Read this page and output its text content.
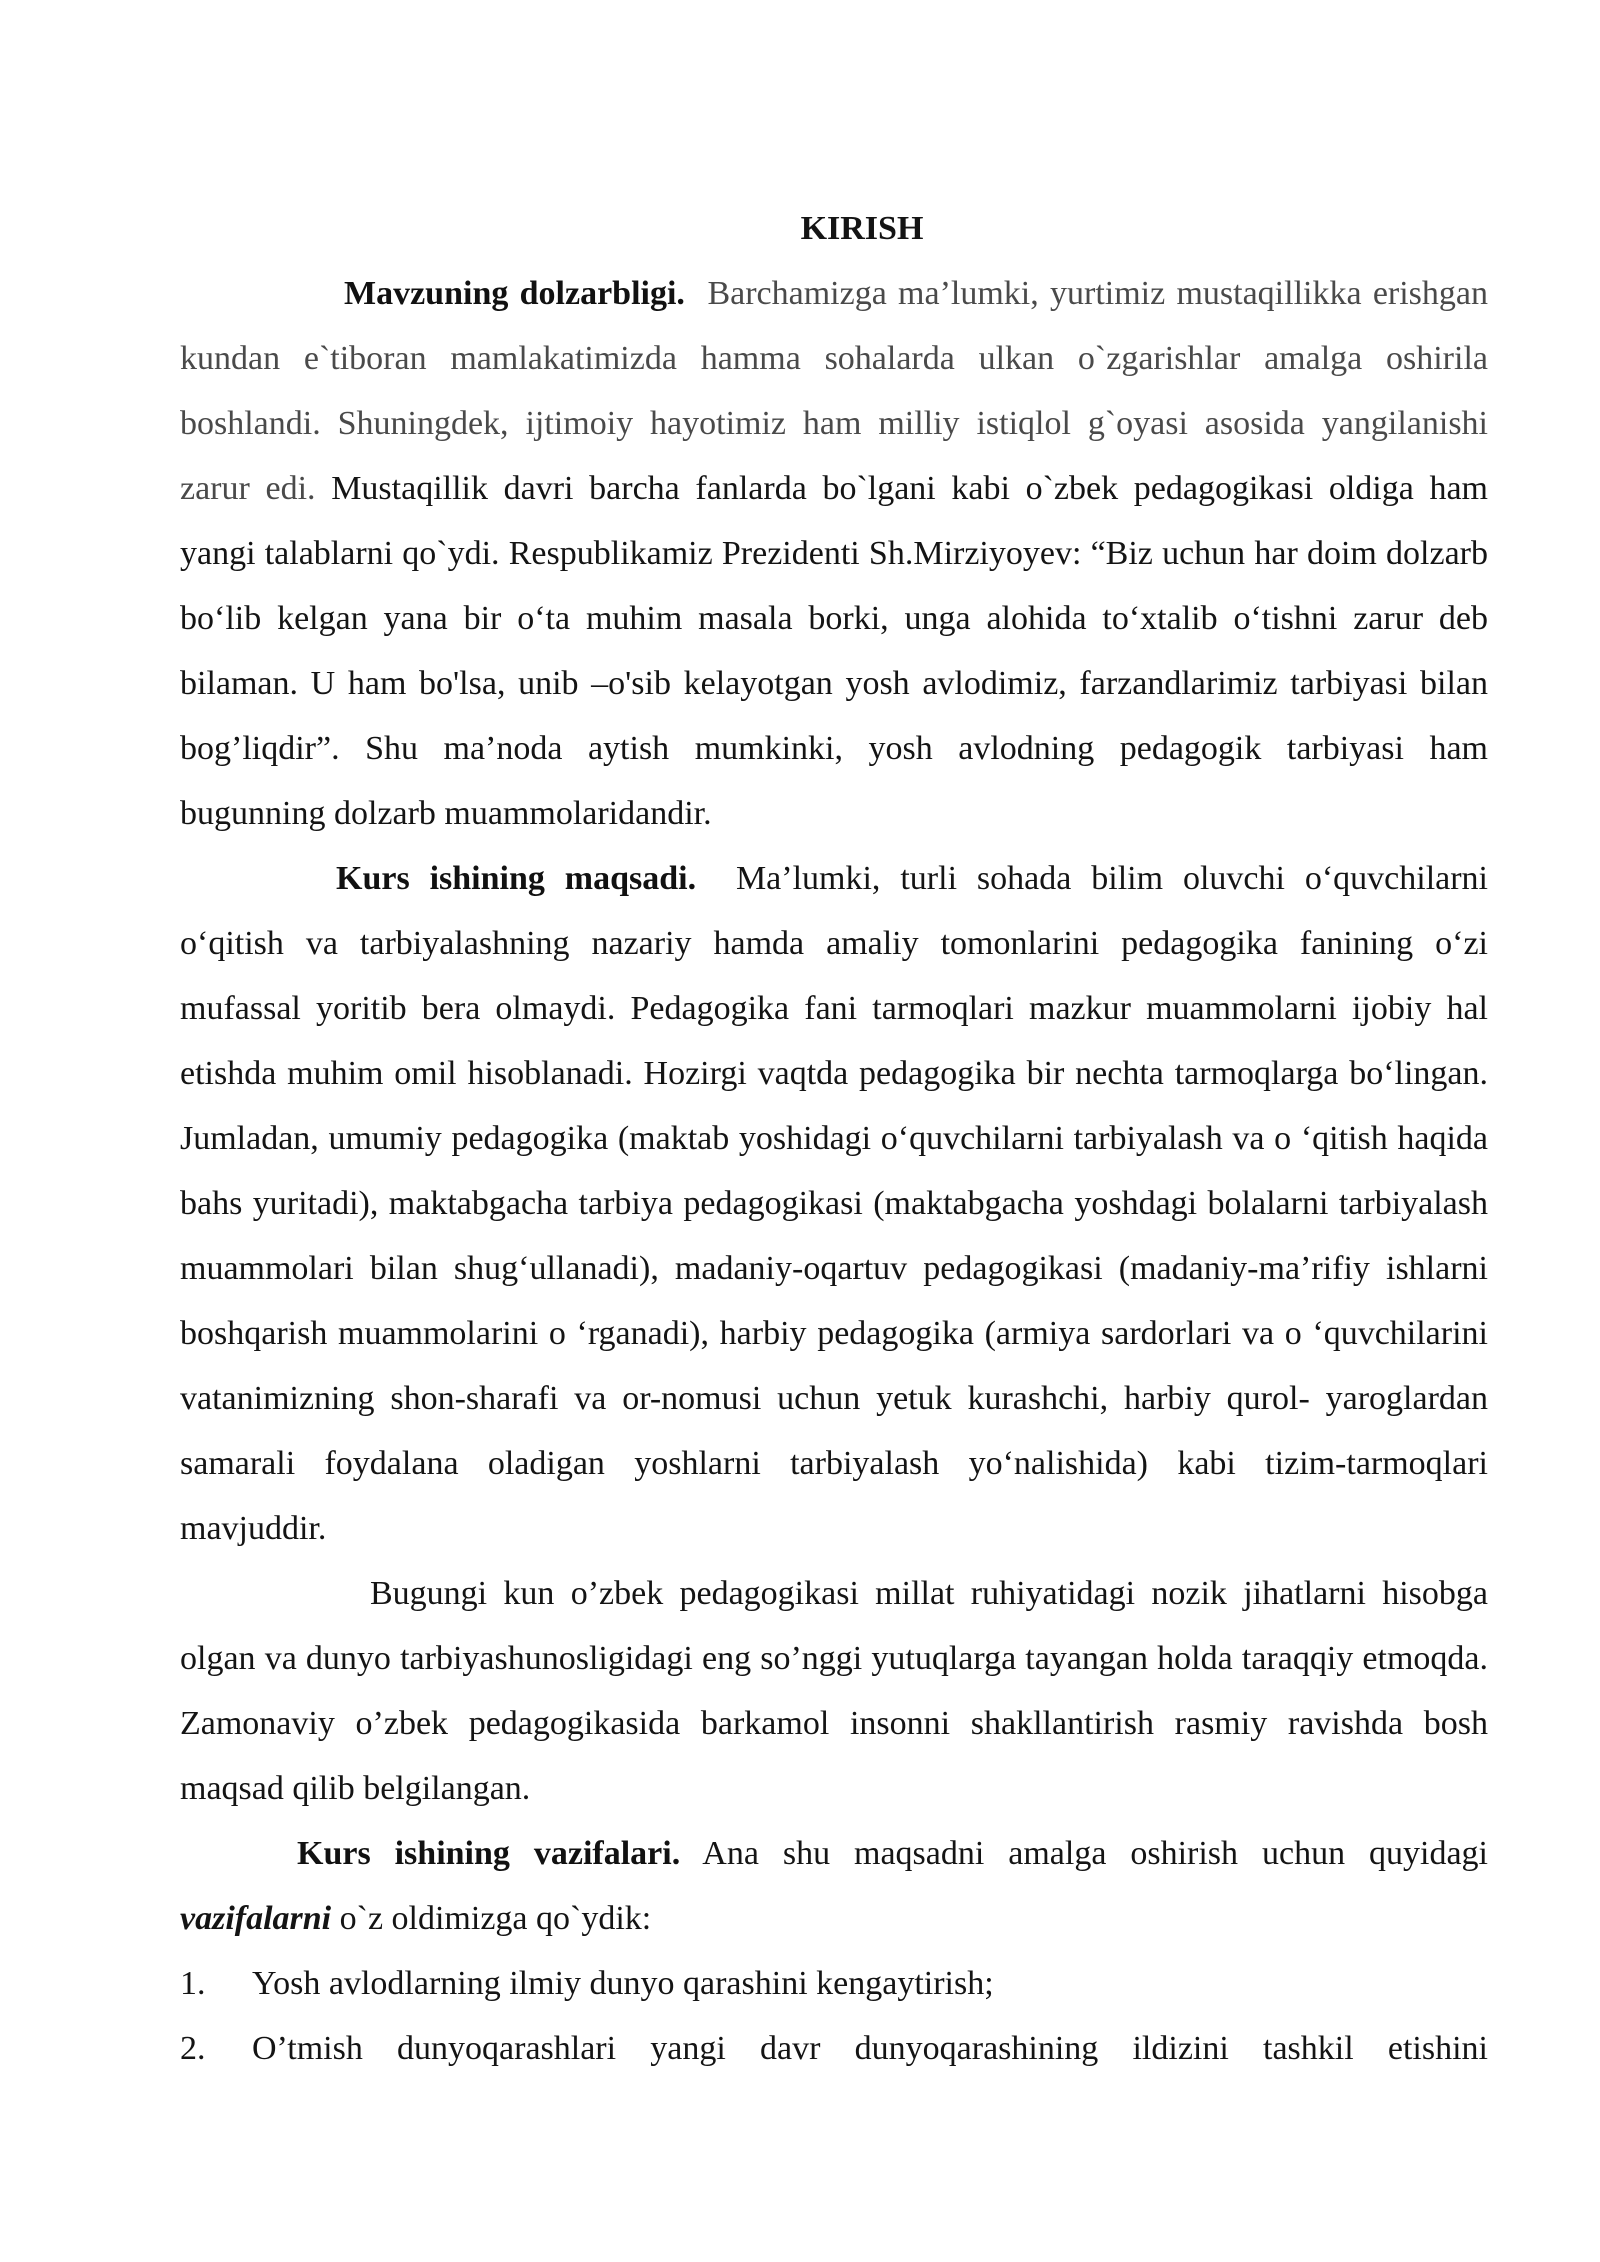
KIRISH

Mavzuning dolzarbligi. Barchamizga ma’lumki, yurtimiz mustaqillikka erishgan kundan e`tiboran mamlakatimizda hamma sohalarda ulkan o`zgarishlar amalga oshirila boshlandi. Shuningdek, ijtimoiy hayotimiz ham milliy istiqlol g`oyasi asosida yangilanishi zarur edi. Mustaqillik davri barcha fanlarda bo`lgani kabi o`zbek pedagogikasi oldiga ham yangi talablarni qo`ydi. Respublikamiz Prezidenti Sh.Mirziyoyev: “Biz uchun har doim dolzarb bo‘lib kelgan yana bir o‘ta muhim masala borki, unga alohida to‘xtalib o‘tishni zarur deb bilaman. U ham bo'lsa, unib –o'sib kelayotgan yosh avlodimiz, farzandlarimiz tarbiyasi bilan bog’liqdir”. Shu ma’noda aytish mumkinki, yosh avlodning pedagogik tarbiyasi ham bugunning dolzarb muammolaridandir.

Kurs ishining maqsadi. Ma’lumki, turli sohada bilim oluvchi o‘quvchilarni o‘qitish va tarbiyalashning nazariy hamda amaliy tomonlarini pedagogika fanining o‘zi mufassal yoritib bera olmaydi. Pedagogika fani tarmoqlari mazkur muammolarni ijobiy hal etishda muhim omil hisoblanadi. Hozirgi vaqtda pedagogika bir nechta tarmoqlarga bo‘lingan. Jumladan, umumiy pedagogika (maktab yoshidagi o‘quvchilarni tarbiyalash va o ‘qitish haqida bahs yuritadi), maktabgacha tarbiya pedagogikasi (maktabgacha yoshdagi bolalarni tarbiyalash muammolari bilan shug‘ullanadi), madaniy-oqartuv pedagogikasi (madaniy-ma’rifiy ishlarni boshqarish muammolarini o ‘rganadi), harbiy pedagogika (armiya sardorlari va o ‘quvchilarini vatanimizning shon-sharafi va or-nomusi uchun yetuk kurashchi, harbiy qurol- yaroglardan samarali foydalana oladigan yoshlarni tarbiyalash yo‘nalishida) kabi tizim-tarmoqlari mavjuddir.

Bugungi kun o’zbek pedagogikasi millat ruhiyatidagi nozik jihatlarni hisobga olgan va dunyo tarbiyashunosligidagi eng so’nggi yutuqlarga tayangan holda taraqqiy etmoqda. Zamonaviy o’zbek pedagogikasida barkamol insonni shakllantirish rasmiy ravishda bosh maqsad qilib belgilangan.

Kurs ishining vazifalari. Ana shu maqsadni amalga oshirish uchun quyidagi vazifalarni o`z oldimizga qo`ydik:

1.	Yosh avlodlarning ilmiy dunyo qarashini kengaytirish;
2.	O’tmish dunyoqarashlari yangi davr dunyoqarashining ildizini tashkil etishini
